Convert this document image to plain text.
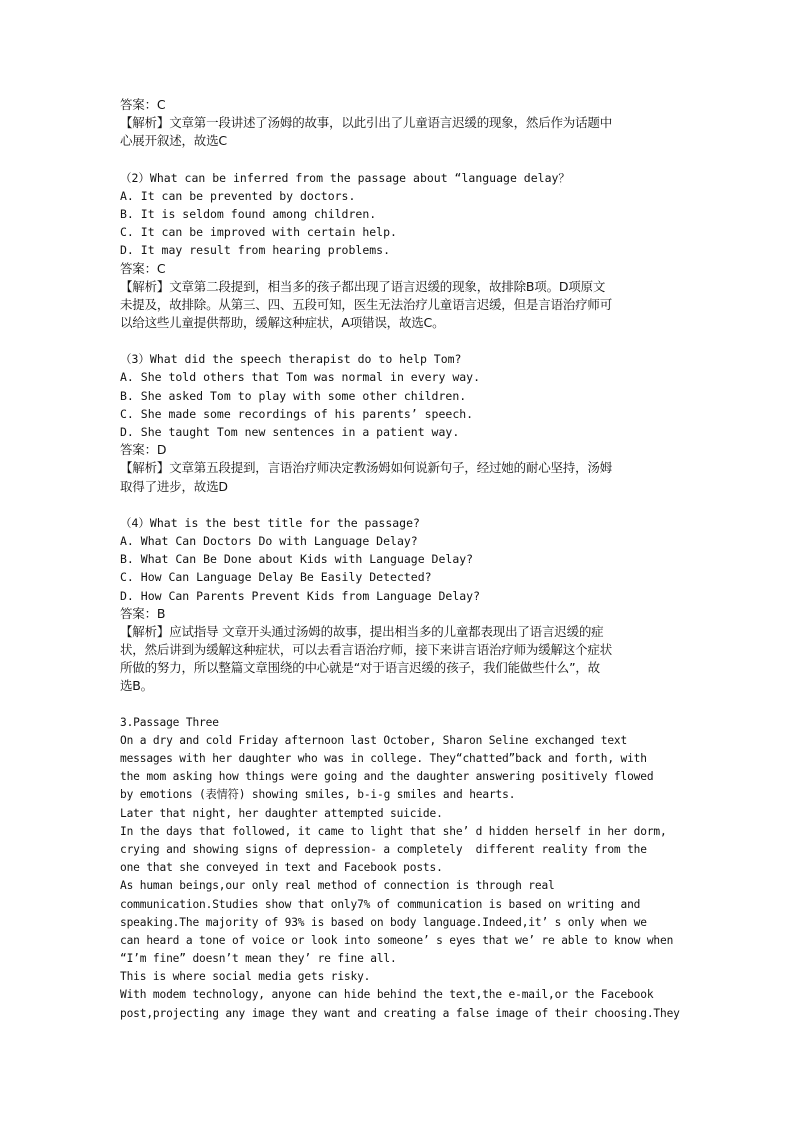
答案：C
【解析】文章第一段讲述了汤姆的故事，以此引出了儿童语言迟缓的现象，然后作为话题中
心展开叙述，故选C
（2）What can be inferred from the passage about “language delay？
A. It can be prevented by doctors.
B. It is seldom found among children.
C. It can be improved with certain help.
D. It may result from hearing problems.
答案：C
【解析】文章第二段提到，相当多的孩子都出现了语言迟缓的现象，故排除B项。D项原文
未提及，故排除。从第三、四、五段可知，医生无法治疗儿童语言迟缓，但是言语治疗师可
以给这些儿童提供帮助，缓解这种症状，A项错误，故选C。
（3）What did the speech therapist do to help Tom?
A. She told others that Tom was normal in every way.
B. She asked Tom to play with some other children.
C. She made some recordings of his parents’ speech.
D. She taught Tom new sentences in a patient way.
答案：D
【解析】文章第五段提到，言语治疗师决定教汤姆如何说新句子，经过她的耐心坚持，汤姆
取得了进步，故选D
（4）What is the best title for the passage?
A. What Can Doctors Do with Language Delay?
B. What Can Be Done about Kids with Language Delay?
C. How Can Language Delay Be Easily Detected?
D. How Can Parents Prevent Kids from Language Delay?
答案：B
【解析】应试指导 文章开头通过汤姆的故事，提出相当多的儿童都表现出了语言迟缓的症
状，然后讲到为缓解这种症状，可以去看言语治疗师，接下来讲言语治疗师为缓解这个症状
所做的努力，所以整篇文章围绕的中心就是“对于语言迟缓的孩子，我们能做些什么”，故
选B。
3.Passage Three
On a dry and cold Friday afternoon last October, Sharon Seline exchanged text
messages with her daughter who was in college. They“chatted”back and forth, with
the mom asking how things were going and the daughter answering positively flowed
by emotions (表情符) showing smiles, b-i-g smiles and hearts.
Later that night, her daughter attempted suicide.
In the days that followed, it came to light that she’ d hidden herself in her dorm,
crying and showing signs of depression- a completely  different reality from the
one that she conveyed in text and Facebook posts.
As human beings,our only real method of connection is through real
communication.Studies show that only7% of communication is based on writing and
speaking.The majority of 93% is based on body language.Indeed,it’ s only when we
can heard a tone of voice or look into someone’ s eyes that we’ re able to know when
“I’m fine” doesn’t mean they’ re fine all.
This is where social media gets risky.
With modem technology, anyone can hide behind the text,the e-mail,or the Facebook
post,projecting any image they want and creating a false image of their choosing.They
